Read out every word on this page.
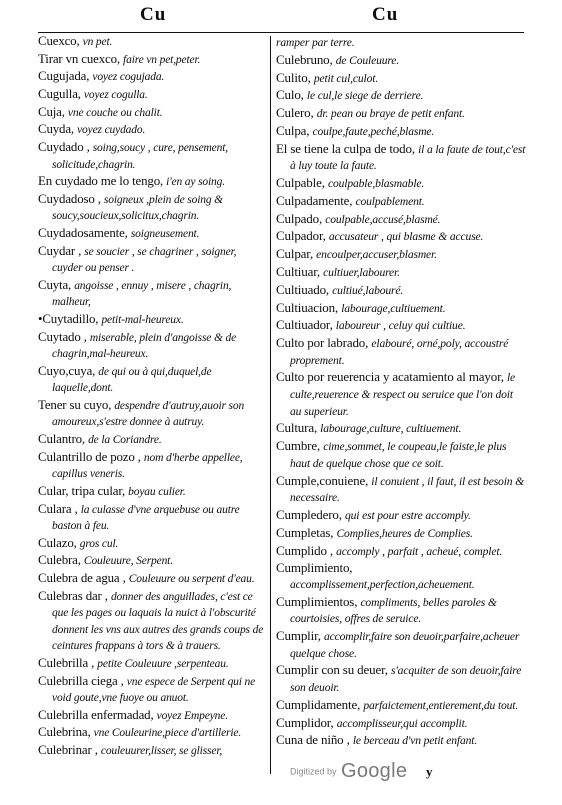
Cu	Cu
Cuexco, vn pet.
Tirar vn cuexco, faire vn pet,peter.
Cugujada, voyez cogujada.
Cugulla, voyez cogulla.
Cuja, vne couche ou chalit.
Cuyda, voyez cuydado.
Cuydado , soing,soucy , cure, pensement, solicitude,chagrin.
En cuydado me lo tengo, i'en ay soing.
Cuydadoso , soigneux ,plein de soing & soucy,soucieux,solicitux,chagrin.
Cuydadosamente, soigneusement.
Cuydar , se soucier , se chagriner , soigner, cuyder ou penser .
Cuyta, angoisse , ennuy , misere , chagrin, malheur,
•Cuytadillo, petit-mal-heureux.
Cuytado , miserable, plein d'angoisse & de chagrin,mal-heureux.
Cuyo,cuya, de qui ou à qui,duquel,de laquelle,dont.
Tener su cuyo, despendre d'autruy,auoir son amoureux,s'estre donnee à autruy.
Culantro, de la Coriandre.
Culantrillo de pozo , nom d'herbe appellee, capillus veneris.
Cular, tripa cular, boyau culier.
Culara , la culasse d'vne arquebuse ou autre baston à feu.
Culazo, gros cul.
Culebra, Couleuure, Serpent.
Culebra de agua , Couleuure ou serpent d'eau.
Culebras dar , donner des anguillades, c'est ce que les pages ou laquais la nuict à l'obscurité donnent les vns aux autres des grands coups de ceintures frappans à tors & à trauers.
Culebrilla , petite Couleuure ,serpenteau.
Culebrilla ciega , vne espece de Serpent qui ne void goute,vne fuoye ou anuot.
Culebrilla enfermadad, voyez Empeyne.
Culebrina, vne Couleurine,piece d'artillerie.
Culebrinar , couleuurer,lisser, se glisser,
ramper par terre.
Culebruno, de Couleuure.
Culito, petit cul,culot.
Culo, le cul,le siege de derriere.
Culero, dr. pean ou braye de petit enfant.
Culpa, coulpe,faute,peché,blasme.
El se tiene la culpa de todo, il a la faute de tout,c'est à luy toute la faute.
Culpable, coulpable,blasmable.
Culpadamente, coulpablement.
Culpado, coulpable,accusé,blasmé.
Culpador, accusateur , qui blasme & accuse.
Culpar, encoulper,accuser,blasmer.
Cultiuar, cultiuer,labourer.
Cultiuado, cultiué,labouré.
Cultiuacion, labourage,cultiuement.
Cultiuador, laboureur , celuy qui cultiue.
Culto por labrado, elabouré, orné,poly, accoustré proprement.
Culto por reuerencia y acatamiento al mayor, le culte,reuerence & respect ou seruice que l'on doit au superieur.
Cultura, labourage,culture, cultiuement.
Cumbre, cime,sommet, le coupeau,le faiste,le plus haut de quelque chose que ce soit.
Cumple,conuiene, il conuient , il faut, il est besoin & necessaire.
Cumpledero, qui est pour estre accomply.
Cumpletas, Complies,heures de Complies.
Cumplido , accomply , parfait , acheué, complet.
Cumplimiento, accomplissement,perfection,acheuement.
Cumplimientos, compliments, belles paroles & courtoisies, offres de seruice.
Cumplir, accomplir,faire son deuoir,parfaire,acheuer quelque chose.
Cumplir con su deuer, s'acquiter de son deuoir,faire son deuoir.
Cumplidamente, parfaictement,entierement,du tout.
Cumplidor, accomplisseur,qui accomplit.
Cuna de niño , le berceau d'vn petit enfant.
Digitized by Google y
